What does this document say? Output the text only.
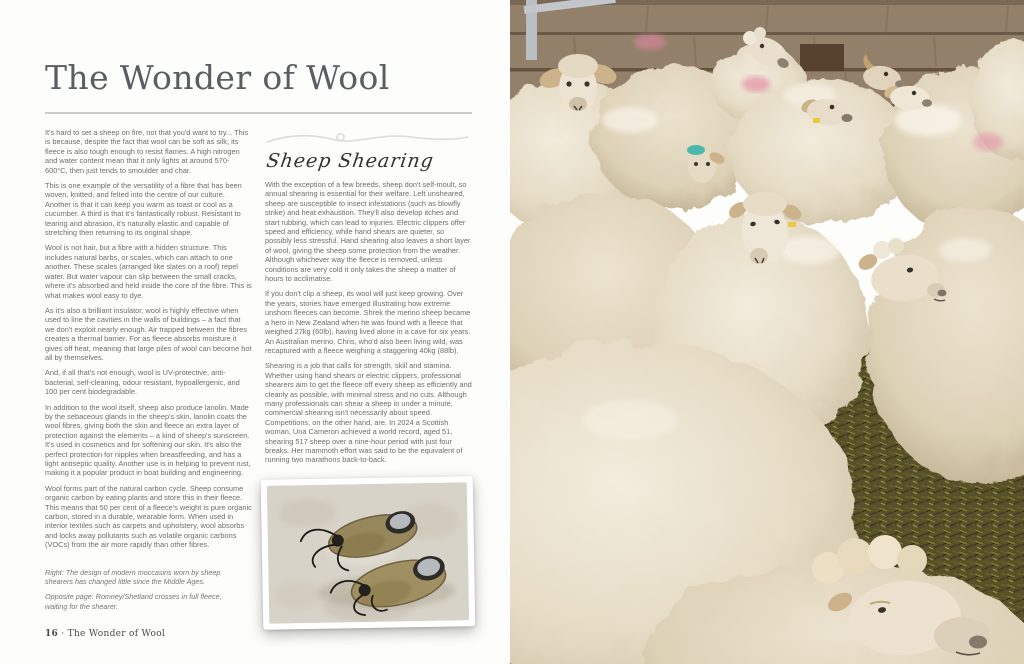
The Wonder of Wool

It's hard to set a sheep on fire, not that you'd want to try... This is because, despite the fact that wool can be soft as silk, its fleece is also tough enough to resist flames. A high nitrogen and water content mean that it only lights at around 570-600°C, then just tends to smoulder and char.

This is one example of the versatility of a fibre that has been woven, knitted, and felted into the centre of our culture. Another is that it can keep you warm as toast or cool as a cucumber. A third is that it's fantastically robust. Resistant to tearing and abrasion, it's naturally elastic and capable of stretching then returning to its original shape.

Wool is not hair, but a fibre with a hidden structure. This includes natural barbs, or scales, which can attach to one another. These scales (arranged like slates on a roof) repel water. But water vapour can slip between the small cracks, where it's absorbed and held inside the core of the fibre. This is what makes wool easy to dye.

As it's also a brilliant insulator, wool is highly effective when used to line the cavities in the walls of buildings – a fact that we don't exploit nearly enough. Air trapped between the fibres creates a thermal barrier. For as fleece absorbs moisture it gives off heat, meaning that large piles of wool can become hot all by themselves.

And, if all that's not enough, wool is UV-protective, anti-bacterial, self-cleaning, odour resistant, hypoallergenic, and 100 per cent biodegradable.

In addition to the wool itself, sheep also produce lanolin. Made by the sebaceous glands in the sheep's skin, lanolin coats the wool fibres, giving both the skin and fleece an extra layer of protection against the elements – a kind of sheep's sunscreen. It's used in cosmetics and for softening our skin. It's also the perfect protection for nipples when breastfeeding, and has a light antiseptic quality. Another use is in helping to prevent rust, making it a popular product in boat building and engineering.

Wool forms part of the natural carbon cycle. Sheep consume organic carbon by eating plants and store this in their fleece. This means that 50 per cent of a fleece's weight is pure organic carbon, stored in a durable, wearable form. When used in interior textiles such as carpets and upholstery, wool absorbs and locks away pollutants such as volatile organic carbons (VOCs) from the air more rapidly than other fibres.

Sheep Shearing

With the exception of a few breeds, sheep don't self-moult, so annual shearing is essential for their welfare. Left unsheared, sheep are susceptible to insect infestations (such as blowfly strike) and heat exhaustion. They'll also develop itches and start rubbing, which can lead to injuries. Electric clippers offer speed and efficiency, while hand shears are quieter, so possibly less stressful. Hand shearing also leaves a short layer of wool, giving the sheep some protection from the weather. Although whichever way the fleece is removed, unless conditions are very cold it only takes the sheep a matter of hours to acclimatise.

If you don't clip a sheep, its wool will just keep growing. Over the years, stories have emerged illustrating how extreme unshorn fleeces can become. Shrek the merino sheep became a hero in New Zealand when he was found with a fleece that weighed 27kg (60lb), having lived alone in a cave for six years. An Australian merino, Chris, who'd also been living wild, was recaptured with a fleece weighing a staggering 40kg (88lb).

Shearing is a job that calls for strength, skill and stamina. Whether using hand shears or electric clippers, professional shearers aim to get the fleece off every sheep as efficiently and cleanly as possible, with minimal stress and no cuts. Although many professionals can shear a sheep in under a minute, commercial shearing isn't necessarily about speed. Competitions, on the other hand, are. In 2024 a Scottish woman, Una Cameron achieved a world record, aged 51, shearing 517 sheep over a nine-hour period with just four breaks. Her mammoth effort was said to be the equivalent of running two marathons back-to-back.

Right: The design of modern moccasins worn by sheep shearers has changed little since the Middle Ages.

Opposite page: Romney/Shetland crosses in full fleece, waiting for the shearer.

16 · The Wonder of Wool
